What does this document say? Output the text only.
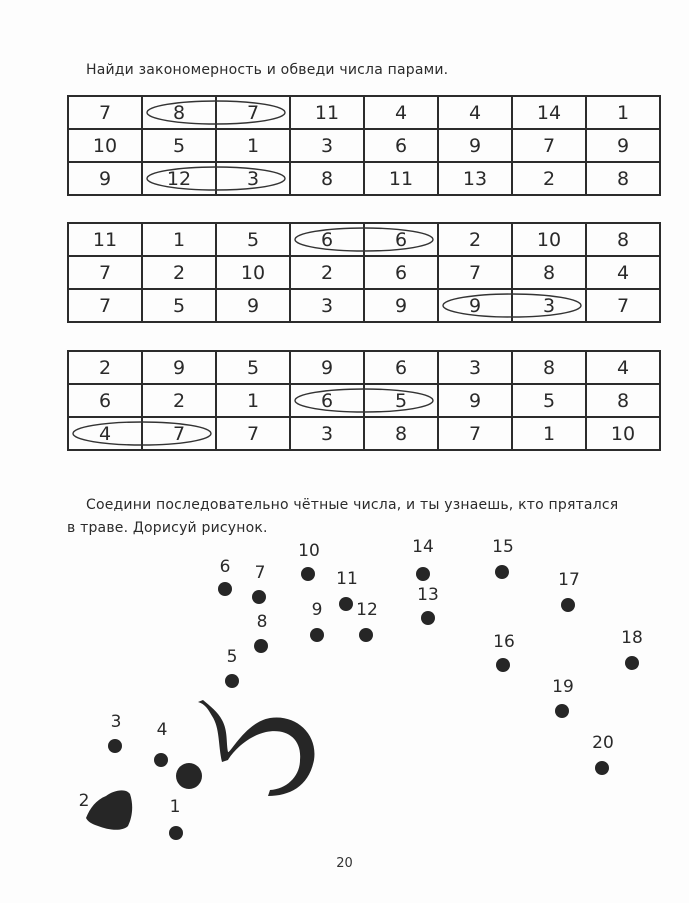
Найди закономерность и обведи числа парами.
7	8	7	11	4	4	14	1
10	5	1	3	6	9	7	9
9	12	3	8	11	13	2	8
11	1	5	6	6	2	10	8
7	2	10	2	6	7	8	4
7	5	9	3	9	9	3	7
2	9	5	9	6	3	8	4
6	2	1	6	5	9	5	8
4	7	7	3	8	7	1	10
Соедини последовательно чётные числа, и ты узнаешь, кто прятался
в траве. Дорисуй рисунок.
1
2
3 4
5
6 7
8
9
10
11
12
13
14	15
16
17
18
19
20
20
